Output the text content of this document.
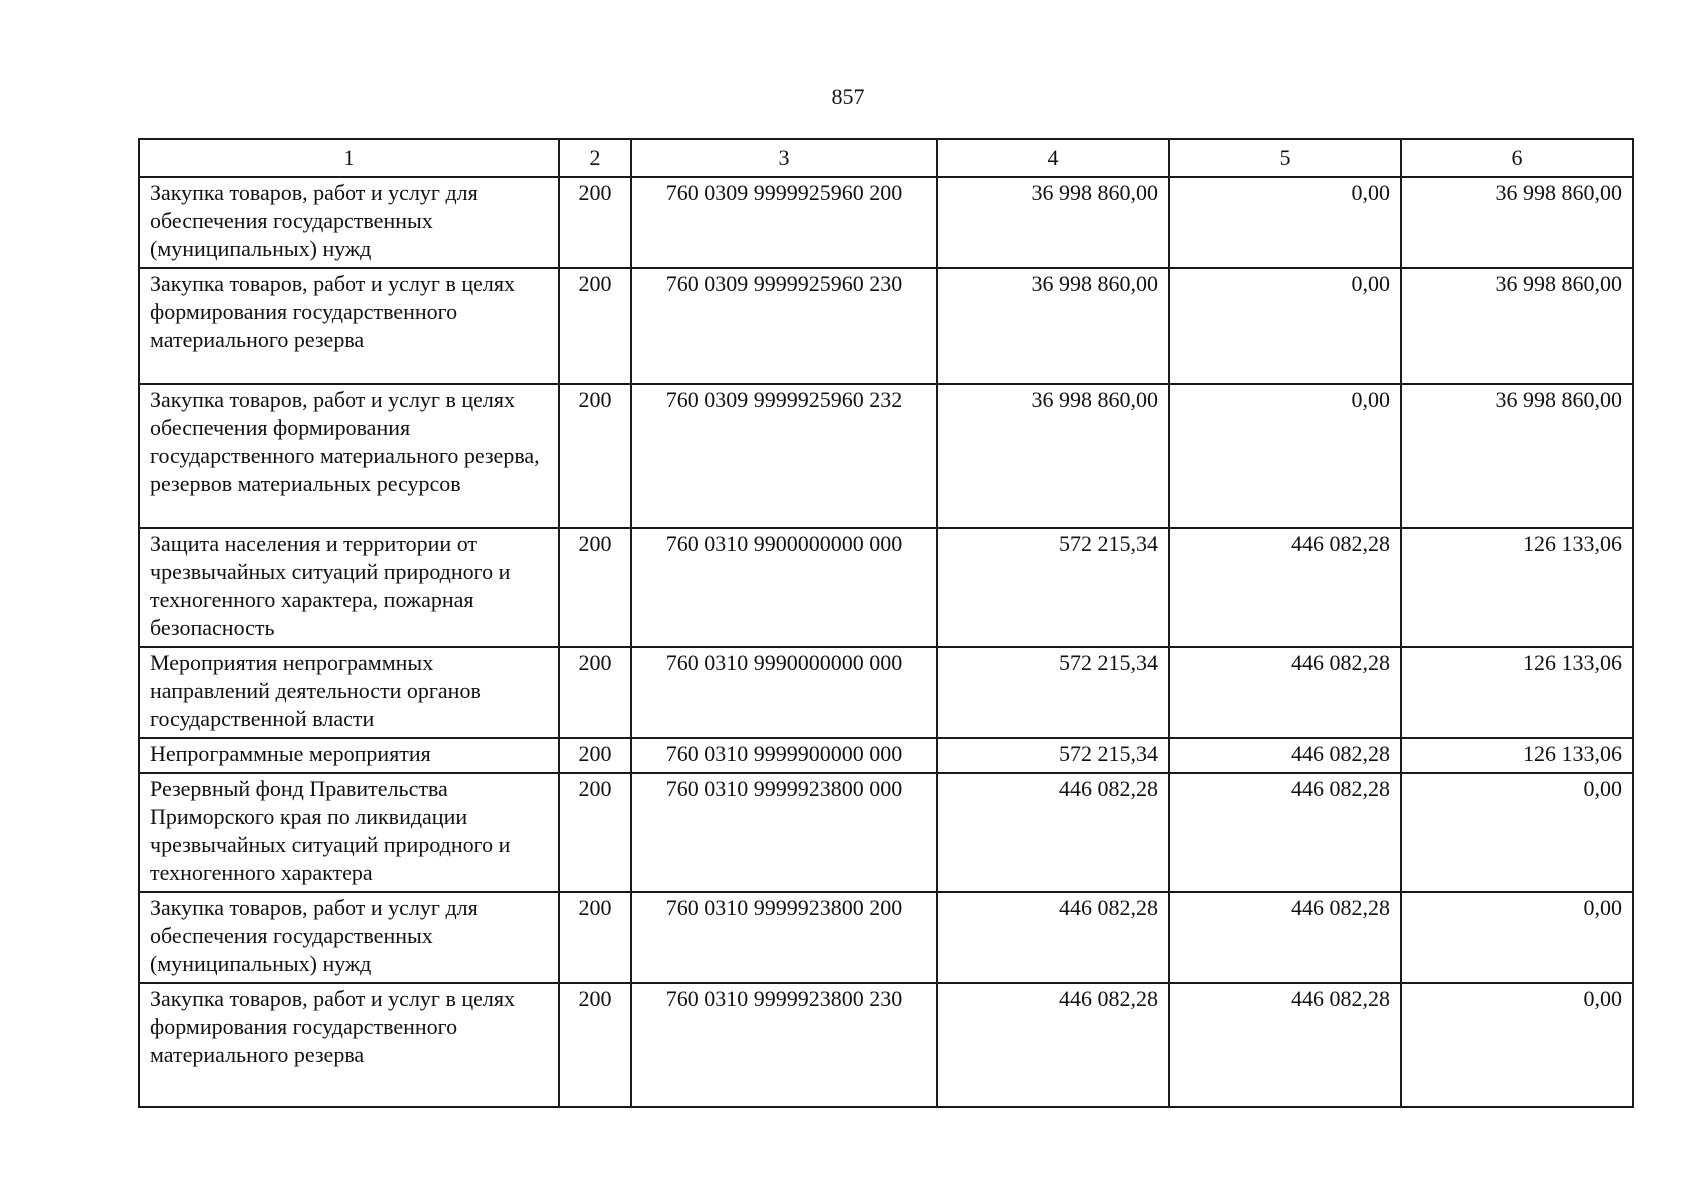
857
1	2	3	4	5	6
Закупка товаров, работ и услуг для обеспечения государственных (муниципальных) нужд	200	760 0309 9999925960 200	36 998 860,00	0,00	36 998 860,00
Закупка товаров, работ и услуг в целях формирования государственного материального резерва	200	760 0309 9999925960 230	36 998 860,00	0,00	36 998 860,00
Закупка товаров, работ и услуг в целях обеспечения формирования государственного материального резерва, резервов материальных ресурсов	200	760 0309 9999925960 232	36 998 860,00	0,00	36 998 860,00
Защита населения и территории от чрезвычайных ситуаций природного и техногенного характера, пожарная безопасность	200	760 0310 9900000000 000	572 215,34	446 082,28	126 133,06
Мероприятия непрограммных направлений деятельности органов государственной власти	200	760 0310 9990000000 000	572 215,34	446 082,28	126 133,06
Непрограммные мероприятия	200	760 0310 9999900000 000	572 215,34	446 082,28	126 133,06
Резервный фонд Правительства Приморского края по ликвидации чрезвычайных ситуаций природного и техногенного характера	200	760 0310 9999923800 000	446 082,28	446 082,28	0,00
Закупка товаров, работ и услуг для обеспечения государственных (муниципальных) нужд	200	760 0310 9999923800 200	446 082,28	446 082,28	0,00
Закупка товаров, работ и услуг в целях формирования государственного материального резерва	200	760 0310 9999923800 230	446 082,28	446 082,28	0,00
